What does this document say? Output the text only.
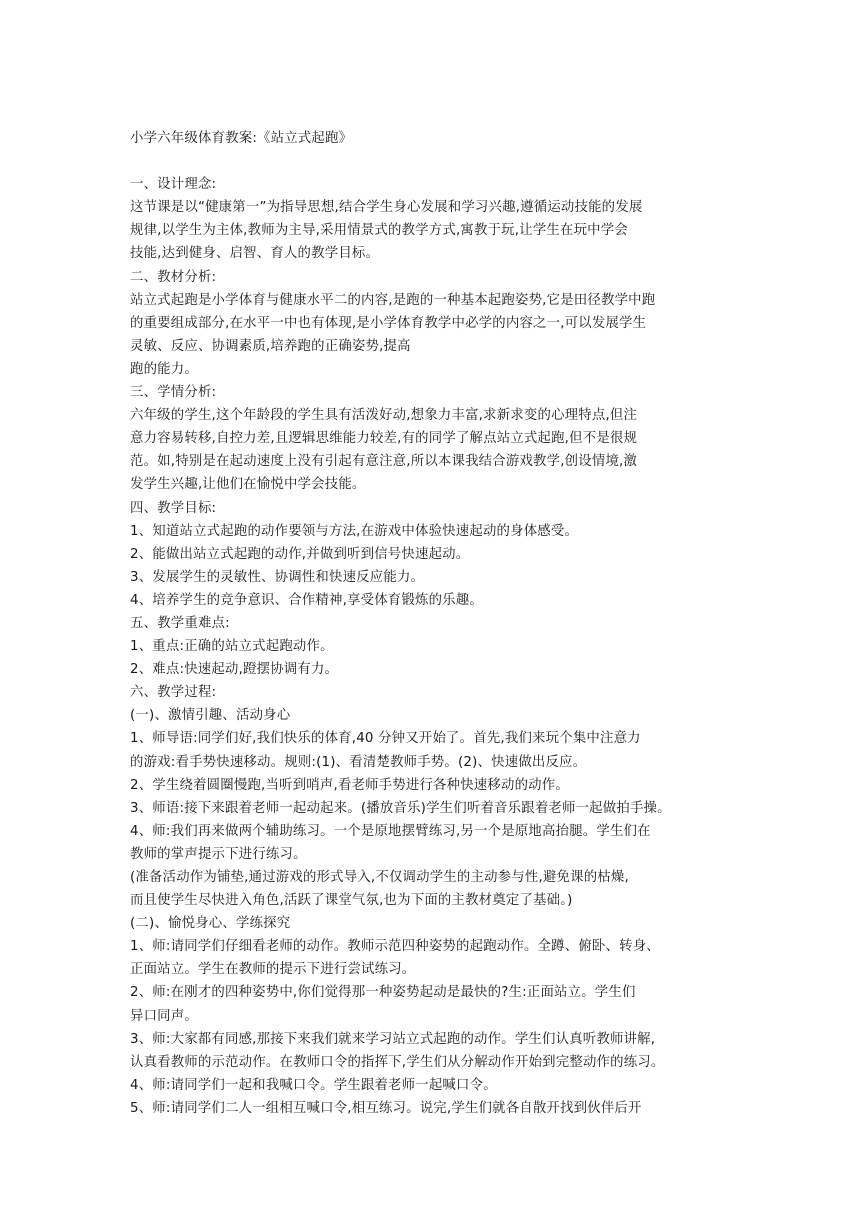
小学六年级体育教案:《站立式起跑》
一、设计理念:
这节课是以“健康第一”为指导思想,结合学生身心发展和学习兴趣,遵循运动技能的发展
规律,以学生为主体,教师为主导,采用情景式的教学方式,寓教于玩,让学生在玩中学会
技能,达到健身、启智、育人的教学目标。
二、教材分析:
站立式起跑是小学体育与健康水平二的内容,是跑的一种基本起跑姿势,它是田径教学中跑
的重要组成部分,在水平一中也有体现,是小学体育教学中必学的内容之一,可以发展学生
灵敏、反应、协调素质,培养跑的正确姿势,提高
跑的能力。
三、学情分析:
六年级的学生,这个年龄段的学生具有活泼好动,想象力丰富,求新求变的心理特点,但注
意力容易转移,自控力差,且逻辑思维能力较差,有的同学了解点站立式起跑,但不是很规
范。如,特别是在起动速度上没有引起有意注意,所以本课我结合游戏教学,创设情境,激
发学生兴趣,让他们在愉悦中学会技能。
四、教学目标:
1、知道站立式起跑的动作要领与方法,在游戏中体验快速起动的身体感受。
2、能做出站立式起跑的动作,并做到听到信号快速起动。
3、发展学生的灵敏性、协调性和快速反应能力。
4、培养学生的竞争意识、合作精神,享受体育锻炼的乐趣。
五、教学重难点:
1、重点:正确的站立式起跑动作。
2、难点:快速起动,蹬摆协调有力。
六、教学过程:
(一)、激情引趣、活动身心
1、师导语:同学们好,我们快乐的体育,40 分钟又开始了。首先,我们来玩个集中注意力
的游戏:看手势快速移动。规则:(1)、看清楚教师手势。(2)、快速做出反应。
2、学生绕着圆圈慢跑,当听到哨声,看老师手势进行各种快速移动的动作。
3、师语:接下来跟着老师一起动起来。(播放音乐)学生们听着音乐跟着老师一起做拍手操。
4、师:我们再来做两个辅助练习。一个是原地摆臂练习,另一个是原地高抬腿。学生们在
教师的掌声提示下进行练习。
(准备活动作为铺垫,通过游戏的形式导入,不仅调动学生的主动参与性,避免课的枯燥,
而且使学生尽快进入角色,活跃了课堂气氛,也为下面的主教材奠定了基础。)
(二)、愉悦身心、学练探究
1、师:请同学们仔细看老师的动作。教师示范四种姿势的起跑动作。全蹲、俯卧、转身、
正面站立。学生在教师的提示下进行尝试练习。
2、师:在刚才的四种姿势中,你们觉得那一种姿势起动是最快的?生:正面站立。学生们
异口同声。
3、师:大家都有同感,那接下来我们就来学习站立式起跑的动作。学生们认真听教师讲解,
认真看教师的示范动作。在教师口令的指挥下,学生们从分解动作开始到完整动作的练习。
4、师:请同学们一起和我喊口令。学生跟着老师一起喊口令。
5、师:请同学们二人一组相互喊口令,相互练习。说完,学生们就各自散开找到伙伴后开
